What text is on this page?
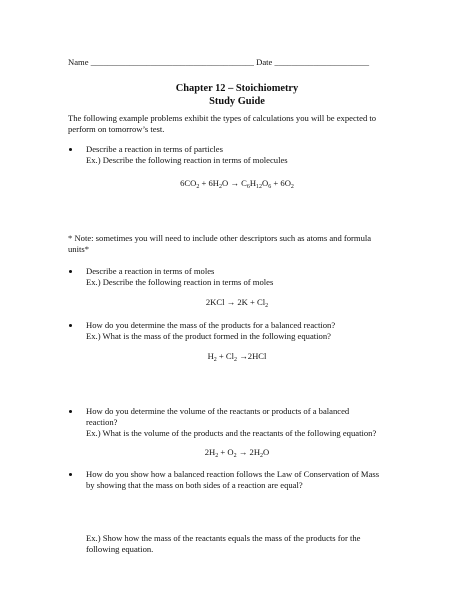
Name ______________________________________ Date ______________________
Chapter 12 – Stoichiometry
Study Guide
The following example problems exhibit the types of calculations you will be expected to
perform on tomorrow’s test.
Describe a reaction in terms of particles
Ex.) Describe the following reaction in terms of molecules
$6CO_2 + 6H_2O \to C_6H_{12}O_6 + 6O_2$
* Note: sometimes you will need to include other descriptors such as atoms and formula
units*
Describe a reaction in terms of moles
Ex.) Describe the following reaction in terms of moles
$2KCl \to 2K + Cl_2$
How do you determine the mass of the products for a balanced reaction?
Ex.) What is the mass of the product formed in the following equation?
$H_2 + Cl_2 \to 2HCl$
How do you determine the volume of the reactants or products of a balanced
reaction?
Ex.) What is the volume of the products and the reactants of the following equation?
$2H_2 + O_2 \to 2H_2O$
How do you show how a balanced reaction follows the Law of Conservation of Mass
by showing that the mass on both sides of a reaction are equal?
Ex.) Show how the mass of the reactants equals the mass of the products for the
following equation.
